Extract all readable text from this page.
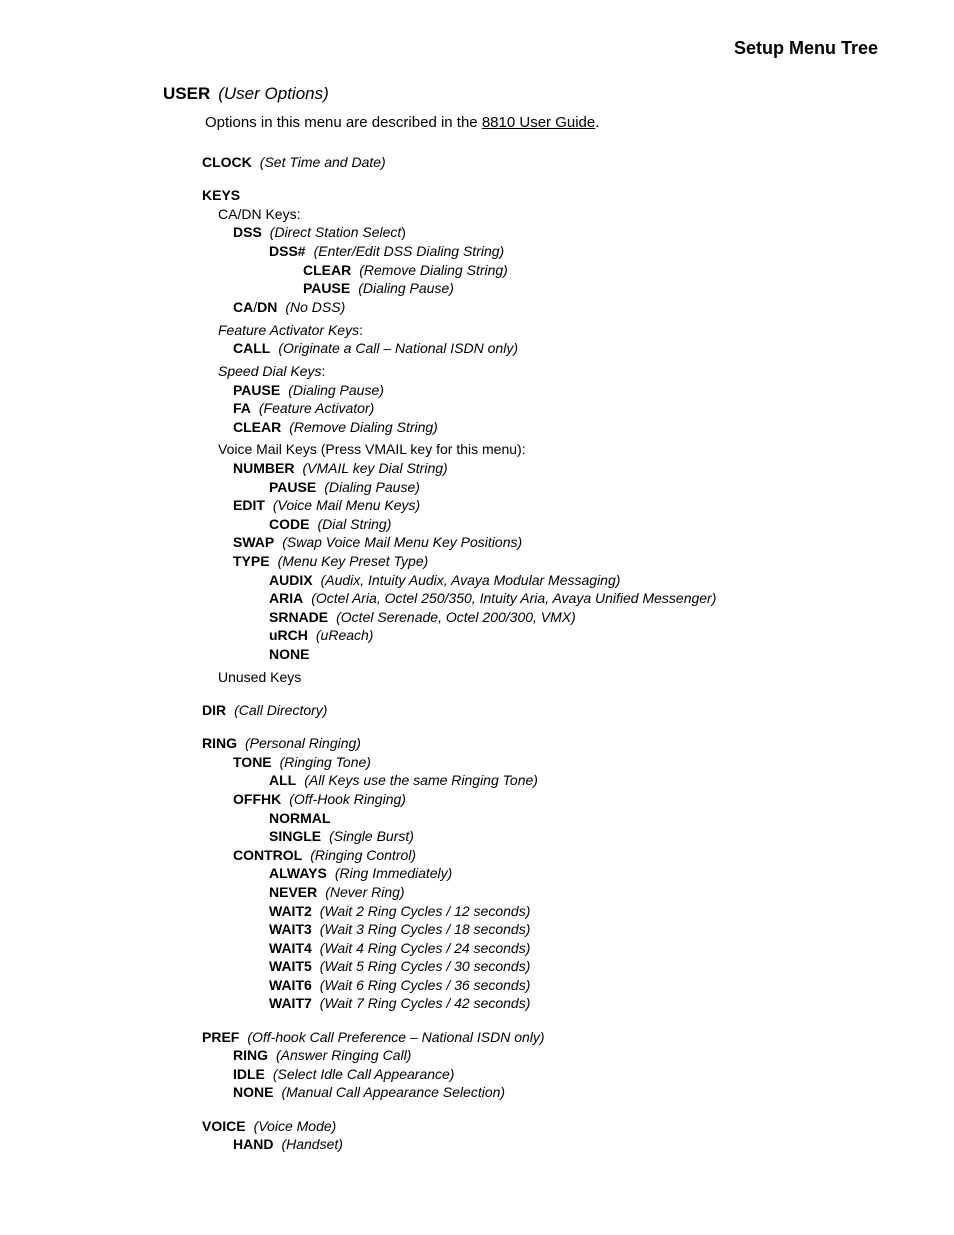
Setup Menu Tree
USER (User Options)
Options in this menu are described in the 8810 User Guide.
CLOCK (Set Time and Date)
KEYS
CA/DN Keys:
DSS (Direct Station Select)
DSS# (Enter/Edit DSS Dialing String)
CLEAR (Remove Dialing String)
PAUSE (Dialing Pause)
CA/DN (No DSS)
Feature Activator Keys:
CALL (Originate a Call – National ISDN only)
Speed Dial Keys:
PAUSE (Dialing Pause)
FA (Feature Activator)
CLEAR (Remove Dialing String)
Voice Mail Keys (Press VMAIL key for this menu):
NUMBER (VMAIL key Dial String)
PAUSE (Dialing Pause)
EDIT (Voice Mail Menu Keys)
CODE (Dial String)
SWAP (Swap Voice Mail Menu Key Positions)
TYPE (Menu Key Preset Type)
AUDIX (Audix, Intuity Audix, Avaya Modular Messaging)
ARIA (Octel Aria, Octel 250/350, Intuity Aria, Avaya Unified Messenger)
SRNADE (Octel Serenade, Octel 200/300, VMX)
uRCH (uReach)
NONE
Unused Keys
DIR (Call Directory)
RING (Personal Ringing)
TONE (Ringing Tone)
ALL (All Keys use the same Ringing Tone)
OFFHK (Off-Hook Ringing)
NORMAL
SINGLE (Single Burst)
CONTROL (Ringing Control)
ALWAYS (Ring Immediately)
NEVER (Never Ring)
WAIT2 (Wait 2 Ring Cycles / 12 seconds)
WAIT3 (Wait 3 Ring Cycles / 18 seconds)
WAIT4 (Wait 4 Ring Cycles / 24 seconds)
WAIT5 (Wait 5 Ring Cycles / 30 seconds)
WAIT6 (Wait 6 Ring Cycles / 36 seconds)
WAIT7 (Wait 7 Ring Cycles / 42 seconds)
PREF (Off-hook Call Preference – National ISDN only)
RING (Answer Ringing Call)
IDLE (Select Idle Call Appearance)
NONE (Manual Call Appearance Selection)
VOICE (Voice Mode)
HAND (Handset)
